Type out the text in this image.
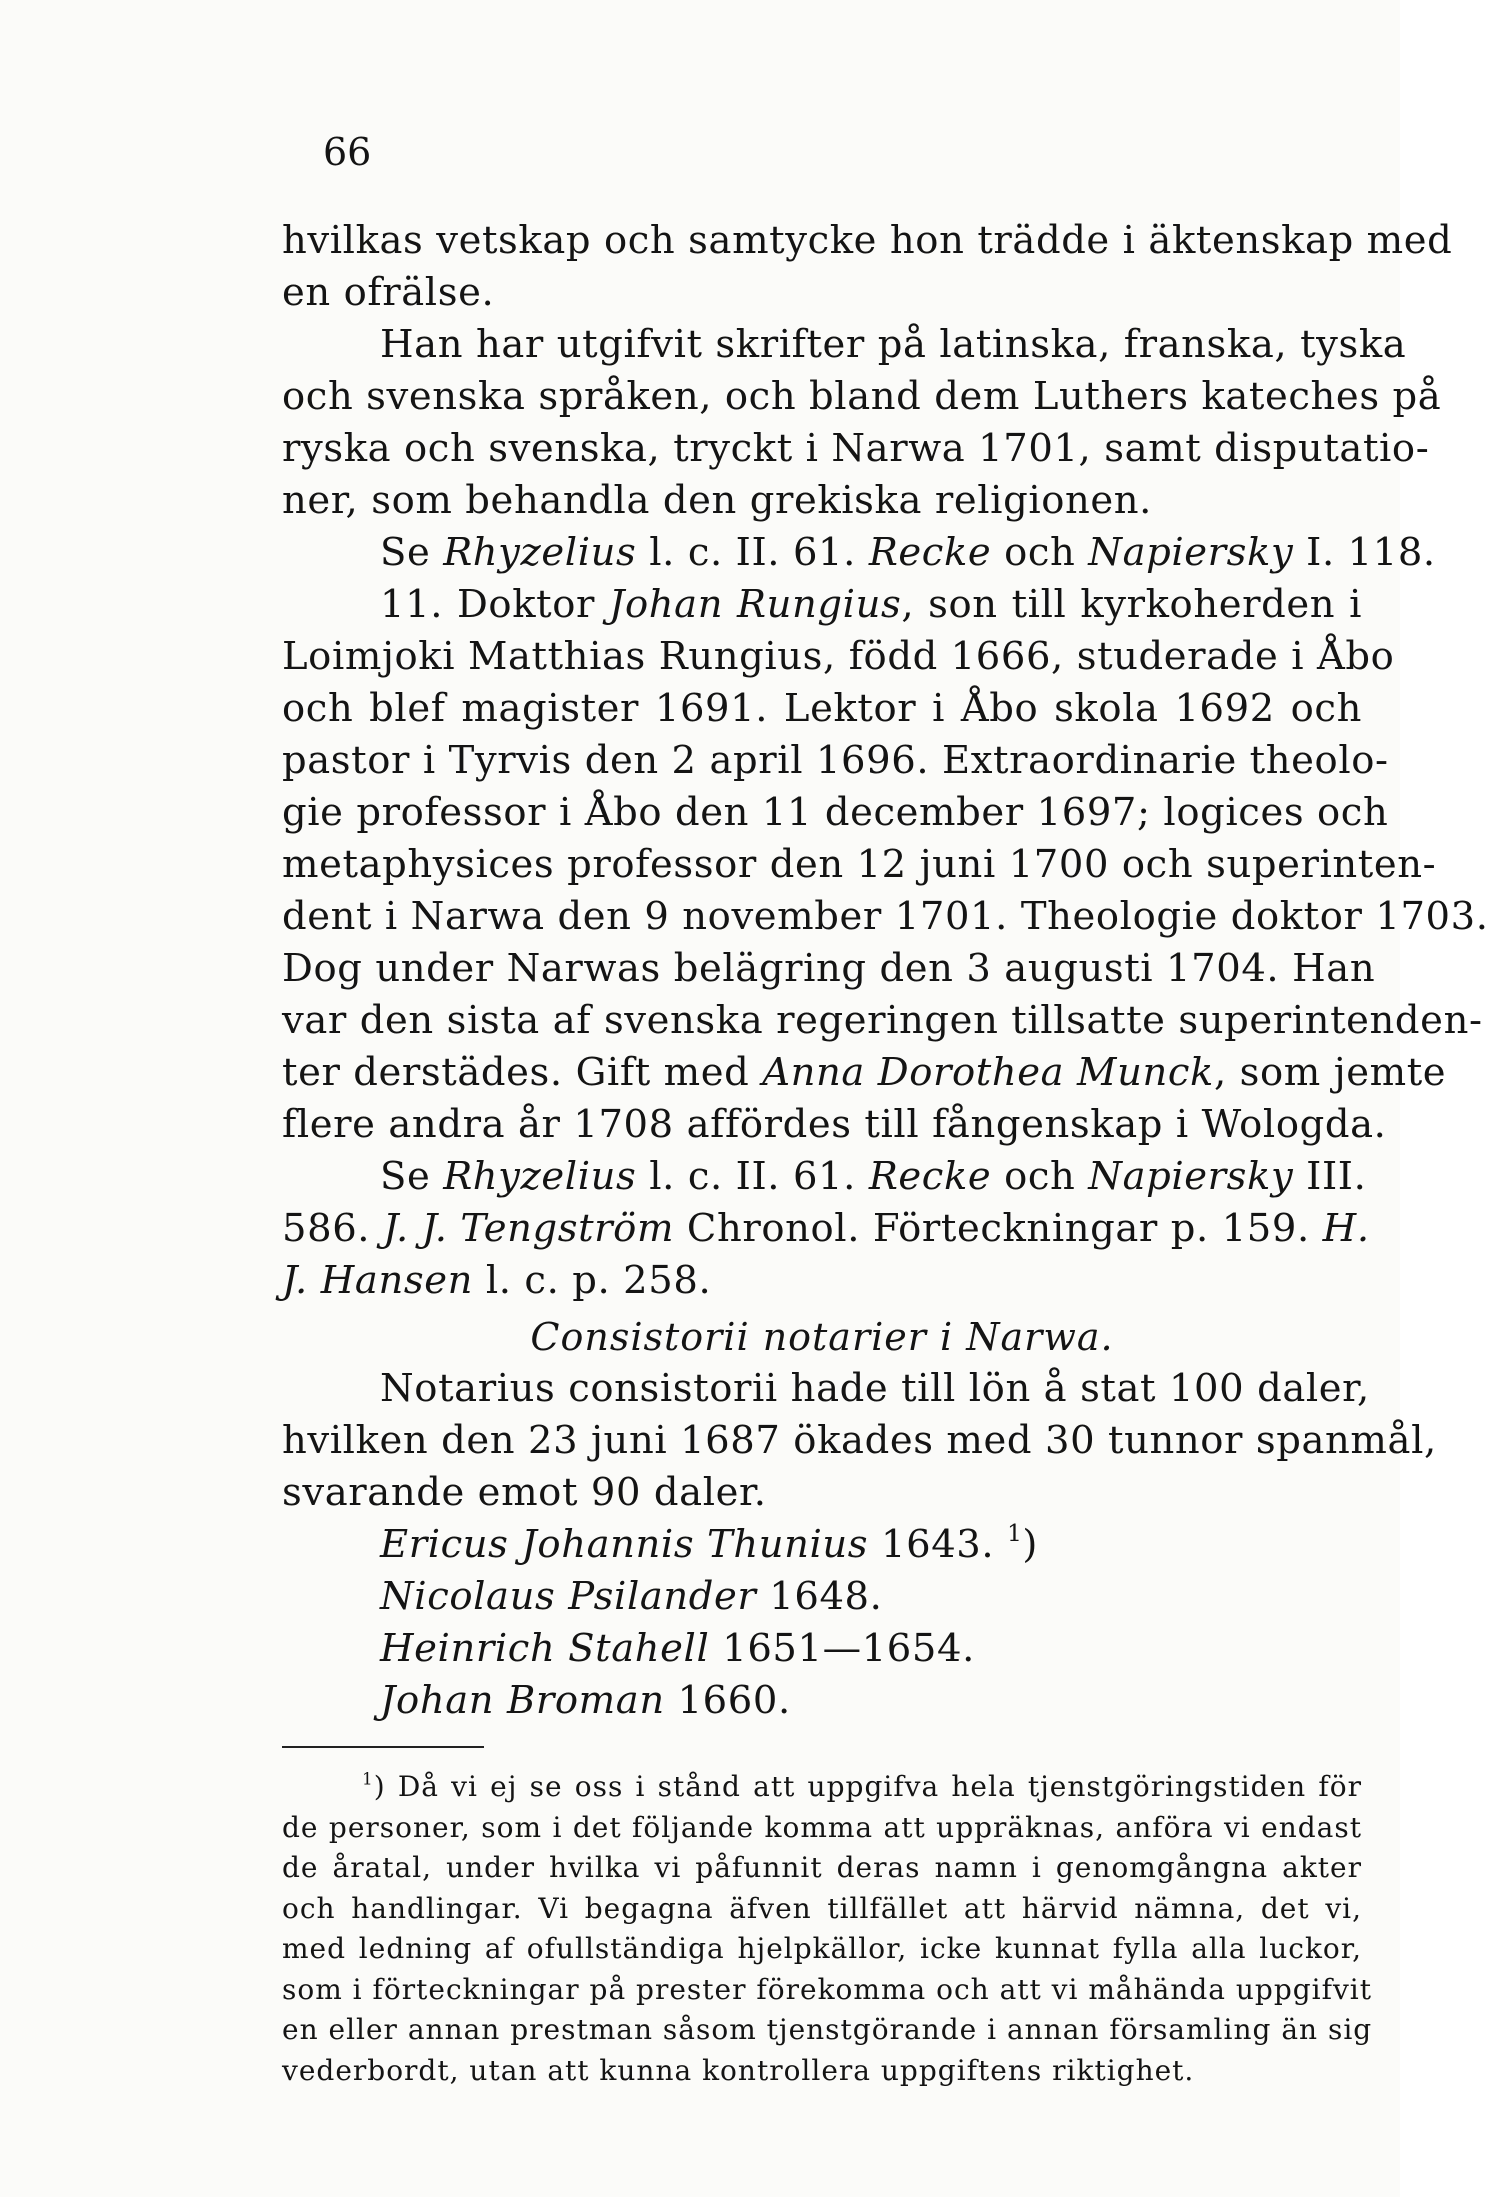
66
hvilkas vetskap och samtycke hon trädde i äktenskap med
en ofrälse.
Han har utgifvit skrifter på latinska, franska, tyska
och svenska språken, och bland dem Luthers kateches på
ryska och svenska, tryckt i Narwa 1701, samt disputatio-
ner, som behandla den grekiska religionen.
Se Rhyzelius l. c. II. 61. Recke och Napiersky I. 118.
11. Doktor Johan Rungius, son till kyrkoherden i
Loimjoki Matthias Rungius, född 1666, studerade i Åbo
och blef magister 1691. Lektor i Åbo skola 1692 och
pastor i Tyrvis den 2 april 1696. Extraordinarie theolo-
gie professor i Åbo den 11 december 1697; logices och
metaphysices professor den 12 juni 1700 och superinten-
dent i Narwa den 9 november 1701. Theologie doktor 1703.
Dog under Narwas belägring den 3 augusti 1704. Han
var den sista af svenska regeringen tillsatte superintenden-
ter derstädes. Gift med Anna Dorothea Munck, som jemte
flere andra år 1708 affördes till fångenskap i Wologda.
Se Rhyzelius l. c. II. 61. Recke och Napiersky III.
586. J. J. Tengström Chronol. Förteckningar p. 159. H.
J. Hansen l. c. p. 258.
Consistorii notarier i Narwa.
Notarius consistorii hade till lön å stat 100 daler,
hvilken den 23 juni 1687 ökades med 30 tunnor spanmål,
svarande emot 90 daler.
Ericus Johannis Thunius 1643. $^1$)
Nicolaus Psilander 1648.
Heinrich Stahell 1651—1654.
Johan Broman 1660.
$^1$) Då vi ej se oss i stånd att uppgifva hela tjenstgöringstiden för
de personer, som i det följande komma att uppräknas, anföra vi endast
de åratal, under hvilka vi påfunnit deras namn i genomgångna akter
och handlingar. Vi begagna äfven tillfället att härvid nämna, det vi,
med ledning af ofullständiga hjelpkällor, icke kunnat fylla alla luckor,
som i förteckningar på prester förekomma och att vi måhända uppgifvit
en eller annan prestman såsom tjenstgörande i annan församling än sig
vederbordt, utan att kunna kontrollera uppgiftens riktighet.
